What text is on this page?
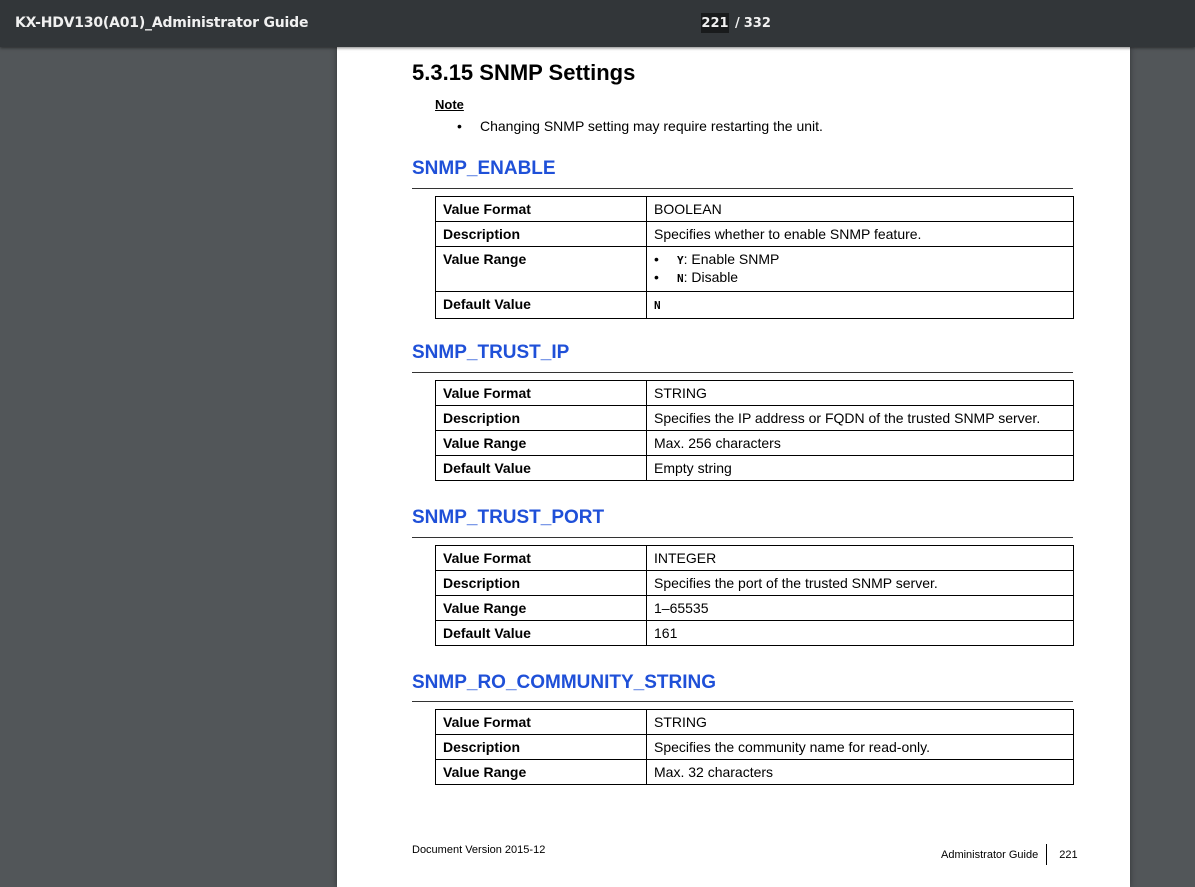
KX-HDV130(A01)_Administrator Guide
221	/ 332
5.3.15 SNMP Settings
Note
• Changing SNMP setting may require restarting the unit.
SNMP_ENABLE
Value Format	BOOLEAN
Description	Specifies whether to enable SNMP feature.
Value Range	• Y: Enable SNMP
• N: Disable

Default Value	N
SNMP_TRUST_IP
Value Format	STRING
Description	Specifies the IP address or FQDN of the trusted SNMP server.
Value Range	Max. 256 characters
Default Value	Empty string
SNMP_TRUST_PORT
Value Format	INTEGER
Description	Specifies the port of the trusted SNMP server.
Value Range	1–65535
Default Value	161
SNMP_RO_COMMUNITY_STRING
Value Format	STRING
Description	Specifies the community name for read-only.
Value Range	Max. 32 characters
Document Version 2015-12	Administrator Guide 221
